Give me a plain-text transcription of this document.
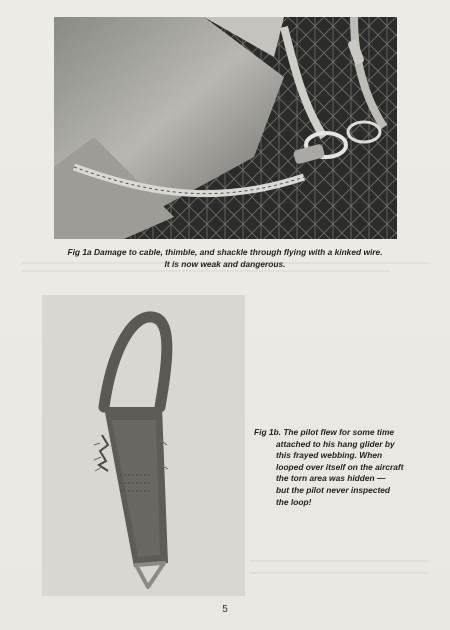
Fig 1a Damage to cable, thimble, and shackle through flying with a kinked wire.
It is now weak and dangerous.
Fig 1b. The pilot flew for some time
attached to his hang glider by
this frayed webbing. When
looped over itself on the aircraft
the torn area was hidden —
but the pilot never inspected
the loop!
5
